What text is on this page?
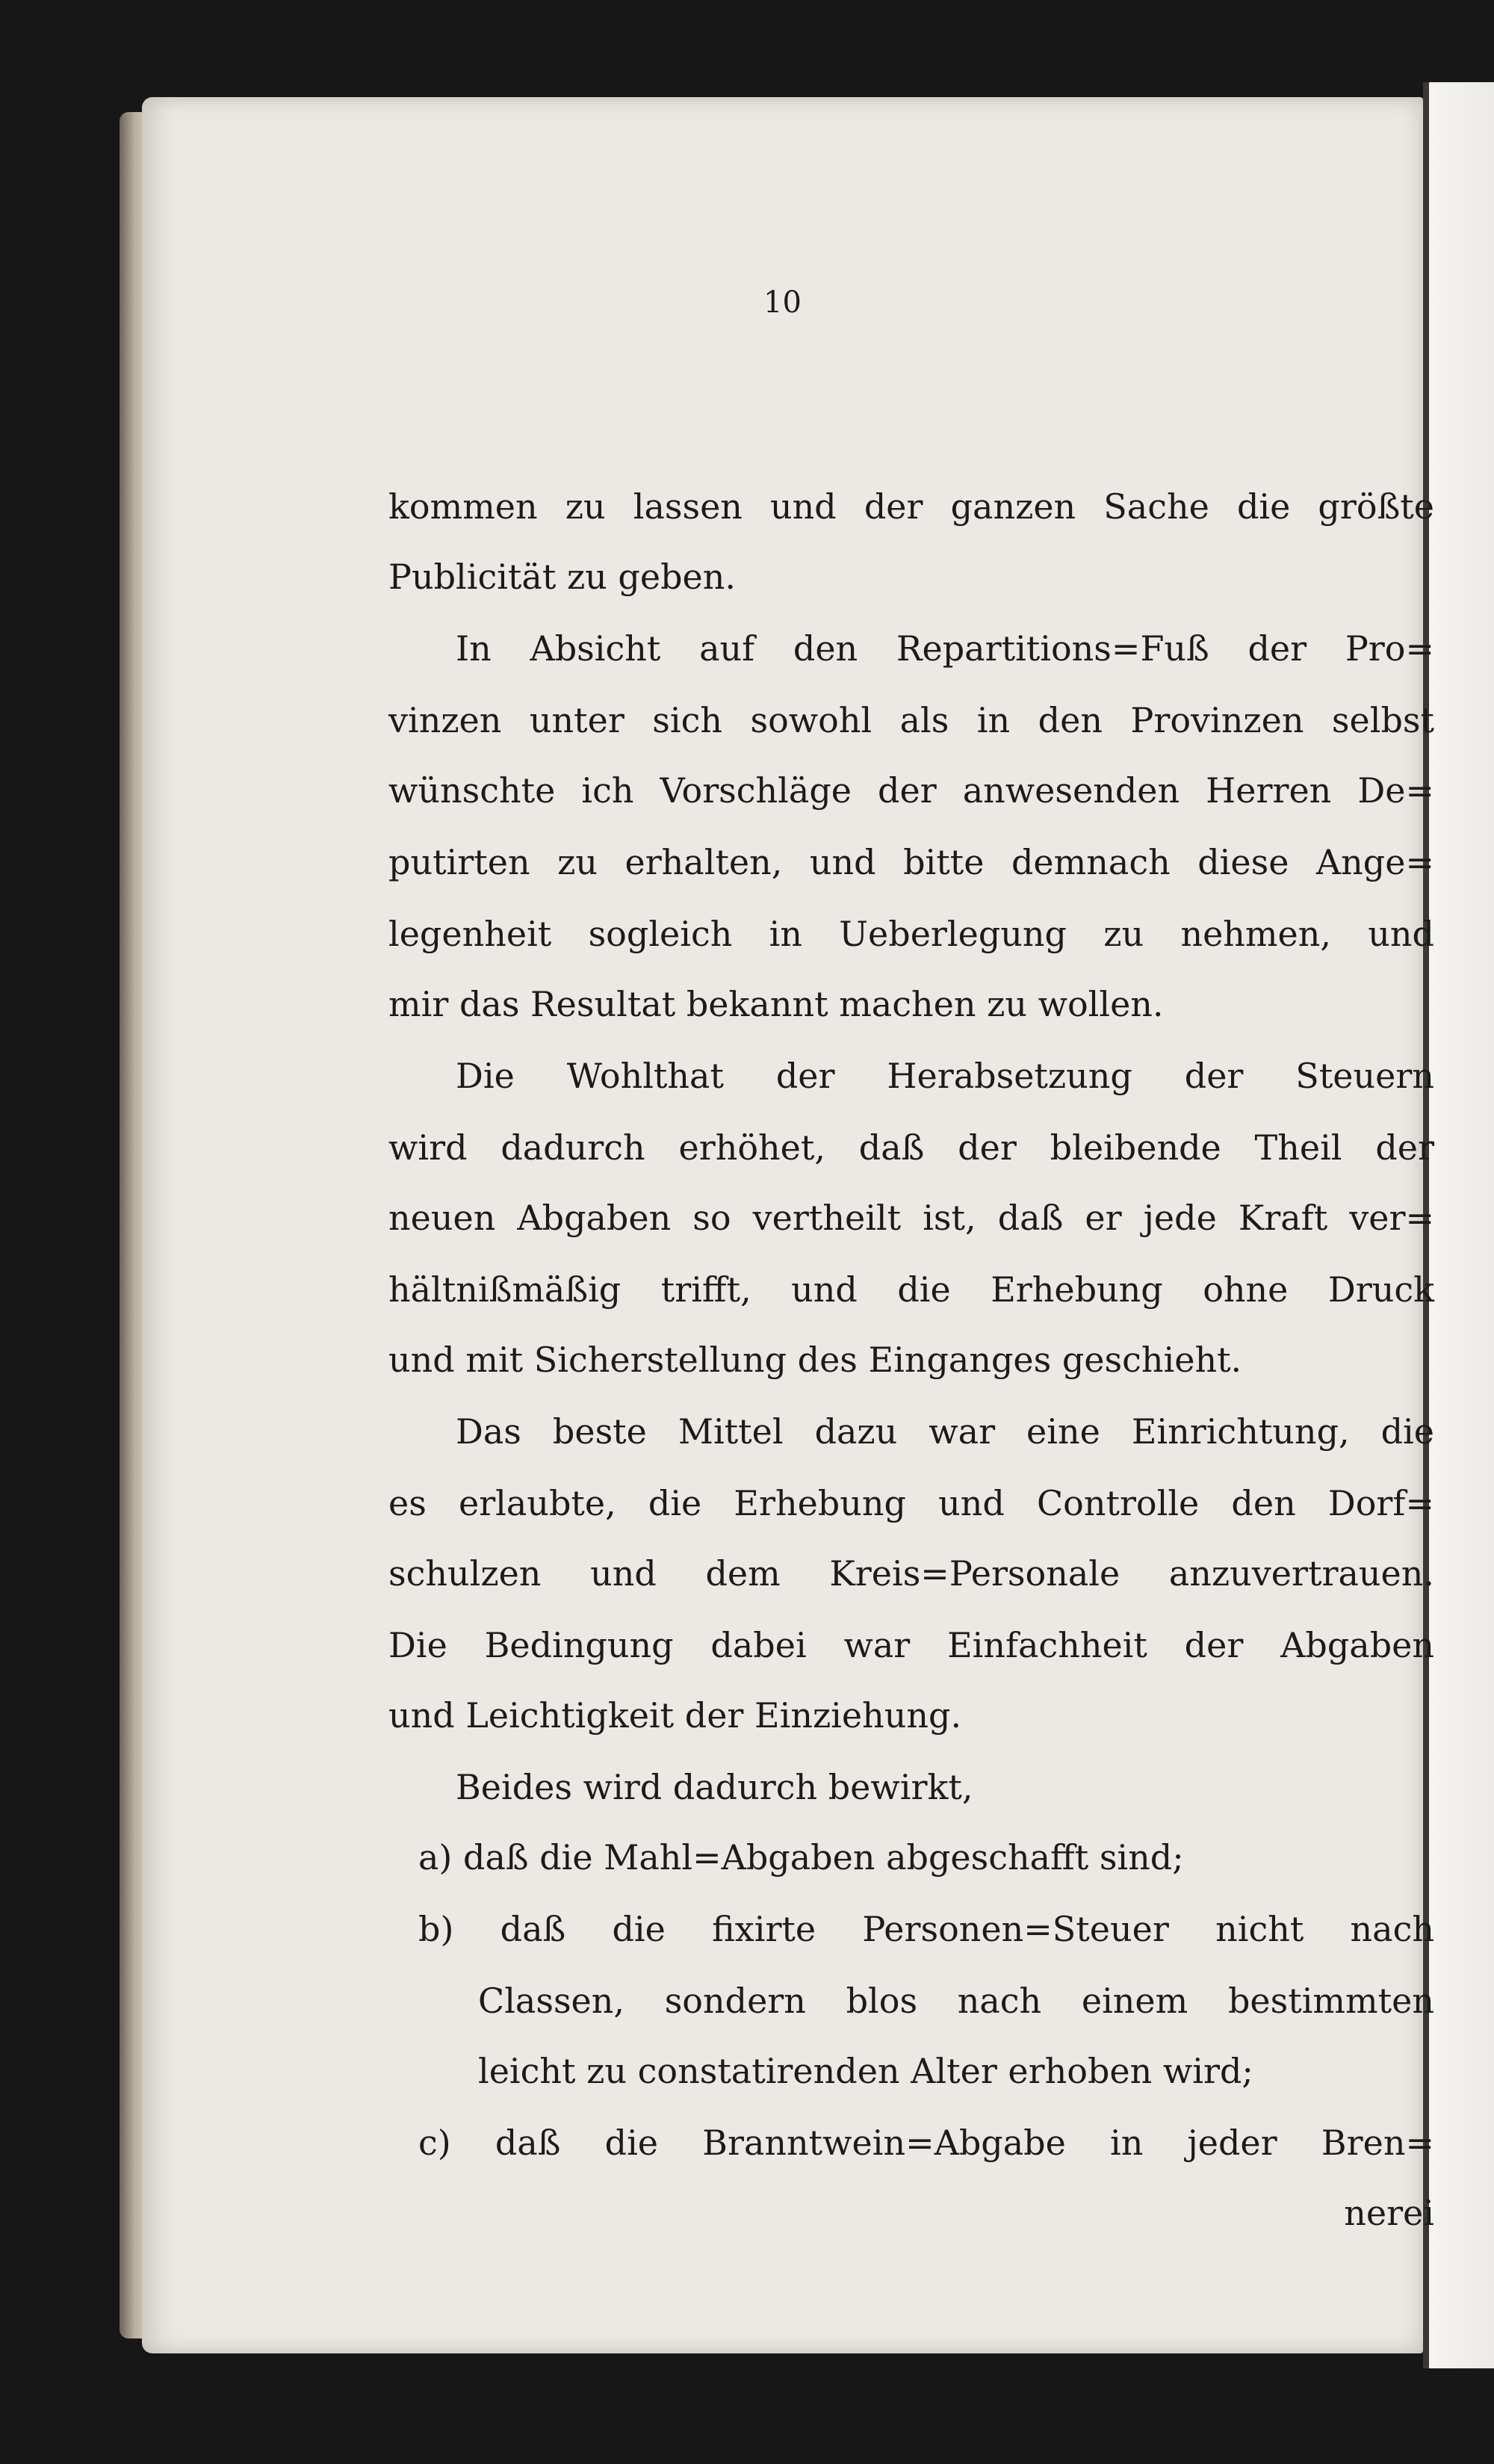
10
kommen zu lassen und der ganzen Sache die größte
Publicität zu geben.
In Absicht auf den Repartitions=Fuß der Pro=
vinzen unter sich sowohl als in den Provinzen selbst
wünschte ich Vorschläge der anwesenden Herren De=
putirten zu erhalten, und bitte demnach diese Ange=
legenheit sogleich in Ueberlegung zu nehmen, und
mir das Resultat bekannt machen zu wollen.
Die Wohlthat der Herabsetzung der Steuern
wird dadurch erhöhet, daß der bleibende Theil der
neuen Abgaben so vertheilt ist, daß er jede Kraft ver=
hältnißmäßig trifft, und die Erhebung ohne Druck
und mit Sicherstellung des Einganges geschieht.
Das beste Mittel dazu war eine Einrichtung, die
es erlaubte, die Erhebung und Controlle den Dorf=
schulzen und dem Kreis=Personale anzuvertrauen.
Die Bedingung dabei war Einfachheit der Abgaben
und Leichtigkeit der Einziehung.
Beides wird dadurch bewirkt,
a) daß die Mahl=Abgaben abgeschafft sind;
b) daß die fixirte Personen=Steuer nicht nach
Classen, sondern blos nach einem bestimmten
leicht zu constatirenden Alter erhoben wird;
c) daß die Branntwein=Abgabe in jeder Bren=
nerei
